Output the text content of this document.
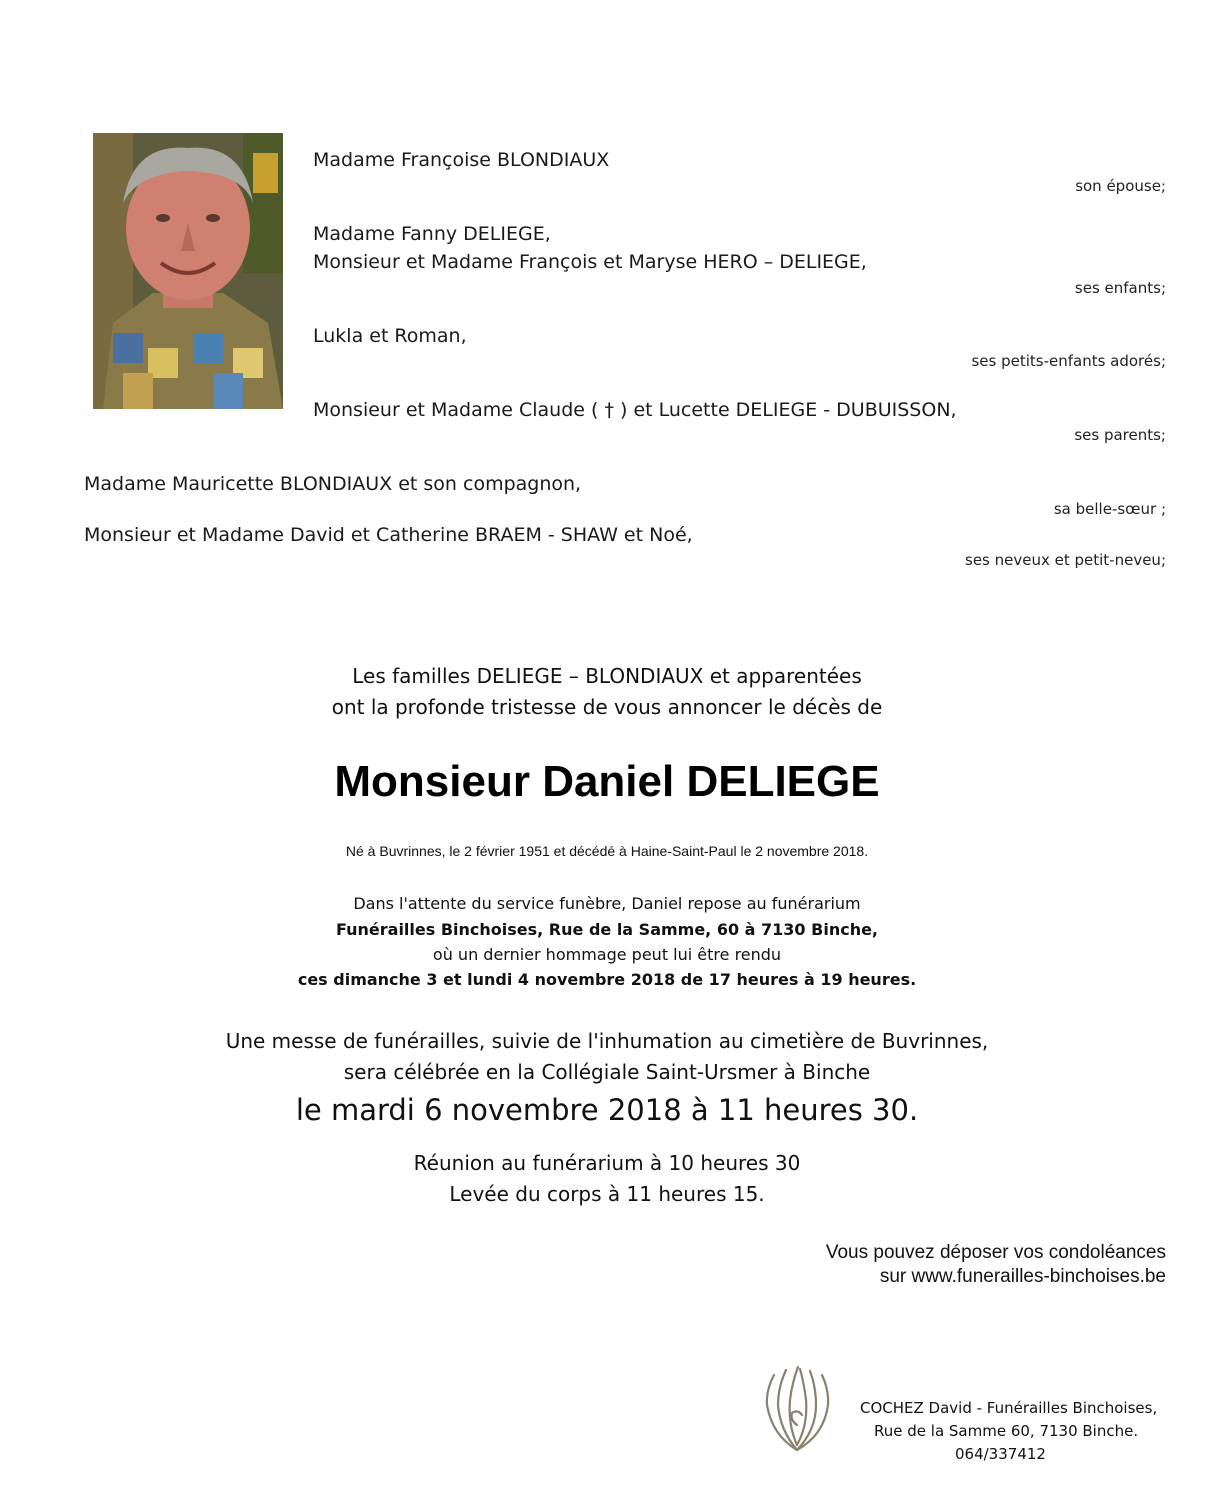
Madame Françoise BLONDIAUX
son épouse;
Madame Fanny DELIEGE,
Monsieur et Madame François et Maryse HERO – DELIEGE,
ses enfants;
Lukla et Roman,
ses petits-enfants adorés;
Monsieur et Madame Claude ( † ) et Lucette DELIEGE - DUBUISSON,
ses parents;
Madame Mauricette BLONDIAUX et son compagnon,
sa belle-sœur ;
Monsieur et Madame David et Catherine BRAEM - SHAW et Noé,
ses neveux et petit-neveu;
Les familles DELIEGE – BLONDIAUX et apparentées
ont la profonde tristesse de vous annoncer le décès de
Monsieur Daniel DELIEGE
Né à Buvrinnes, le 2 février 1951 et décédé à Haine-Saint-Paul le 2 novembre 2018.
Dans l'attente du service funèbre, Daniel repose au funérarium
Funérailles Binchoises, Rue de la Samme, 60 à 7130 Binche,
où un dernier hommage peut lui être rendu
ces dimanche 3 et lundi 4 novembre 2018 de 17 heures à 19 heures.
Une messe de funérailles, suivie de l'inhumation au cimetière de Buvrinnes,
sera célébrée en la Collégiale Saint-Ursmer à Binche
le mardi 6 novembre 2018 à 11 heures 30.
Réunion au funérarium à 10 heures 30
Levée du corps à 11 heures 15.
Vous pouvez déposer vos condoléances
sur www.funerailles-binchoises.be
COCHEZ David - Funérailles Binchoises,
Rue de la Samme 60, 7130 Binche.
064/337412
